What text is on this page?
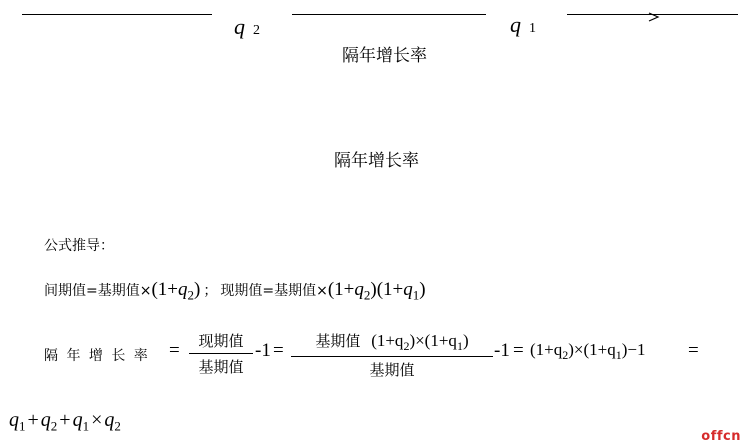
q 2	q 1
隔年增长率
隔年增长率
公式推导：
间期值=基期值×(1+q2) ； 现期值=基期值×(1+q2)(1+q1)
隔 年 增 长 率 =	现期值
基期值
-1 =	基期值 $(1+q_2)\times(1+q_1)$
基期值
$-1 = (1+q_2)\times(1+q_1)-1$ =
$q_1 + q_2 + q_1 \times q_2$
offcn
